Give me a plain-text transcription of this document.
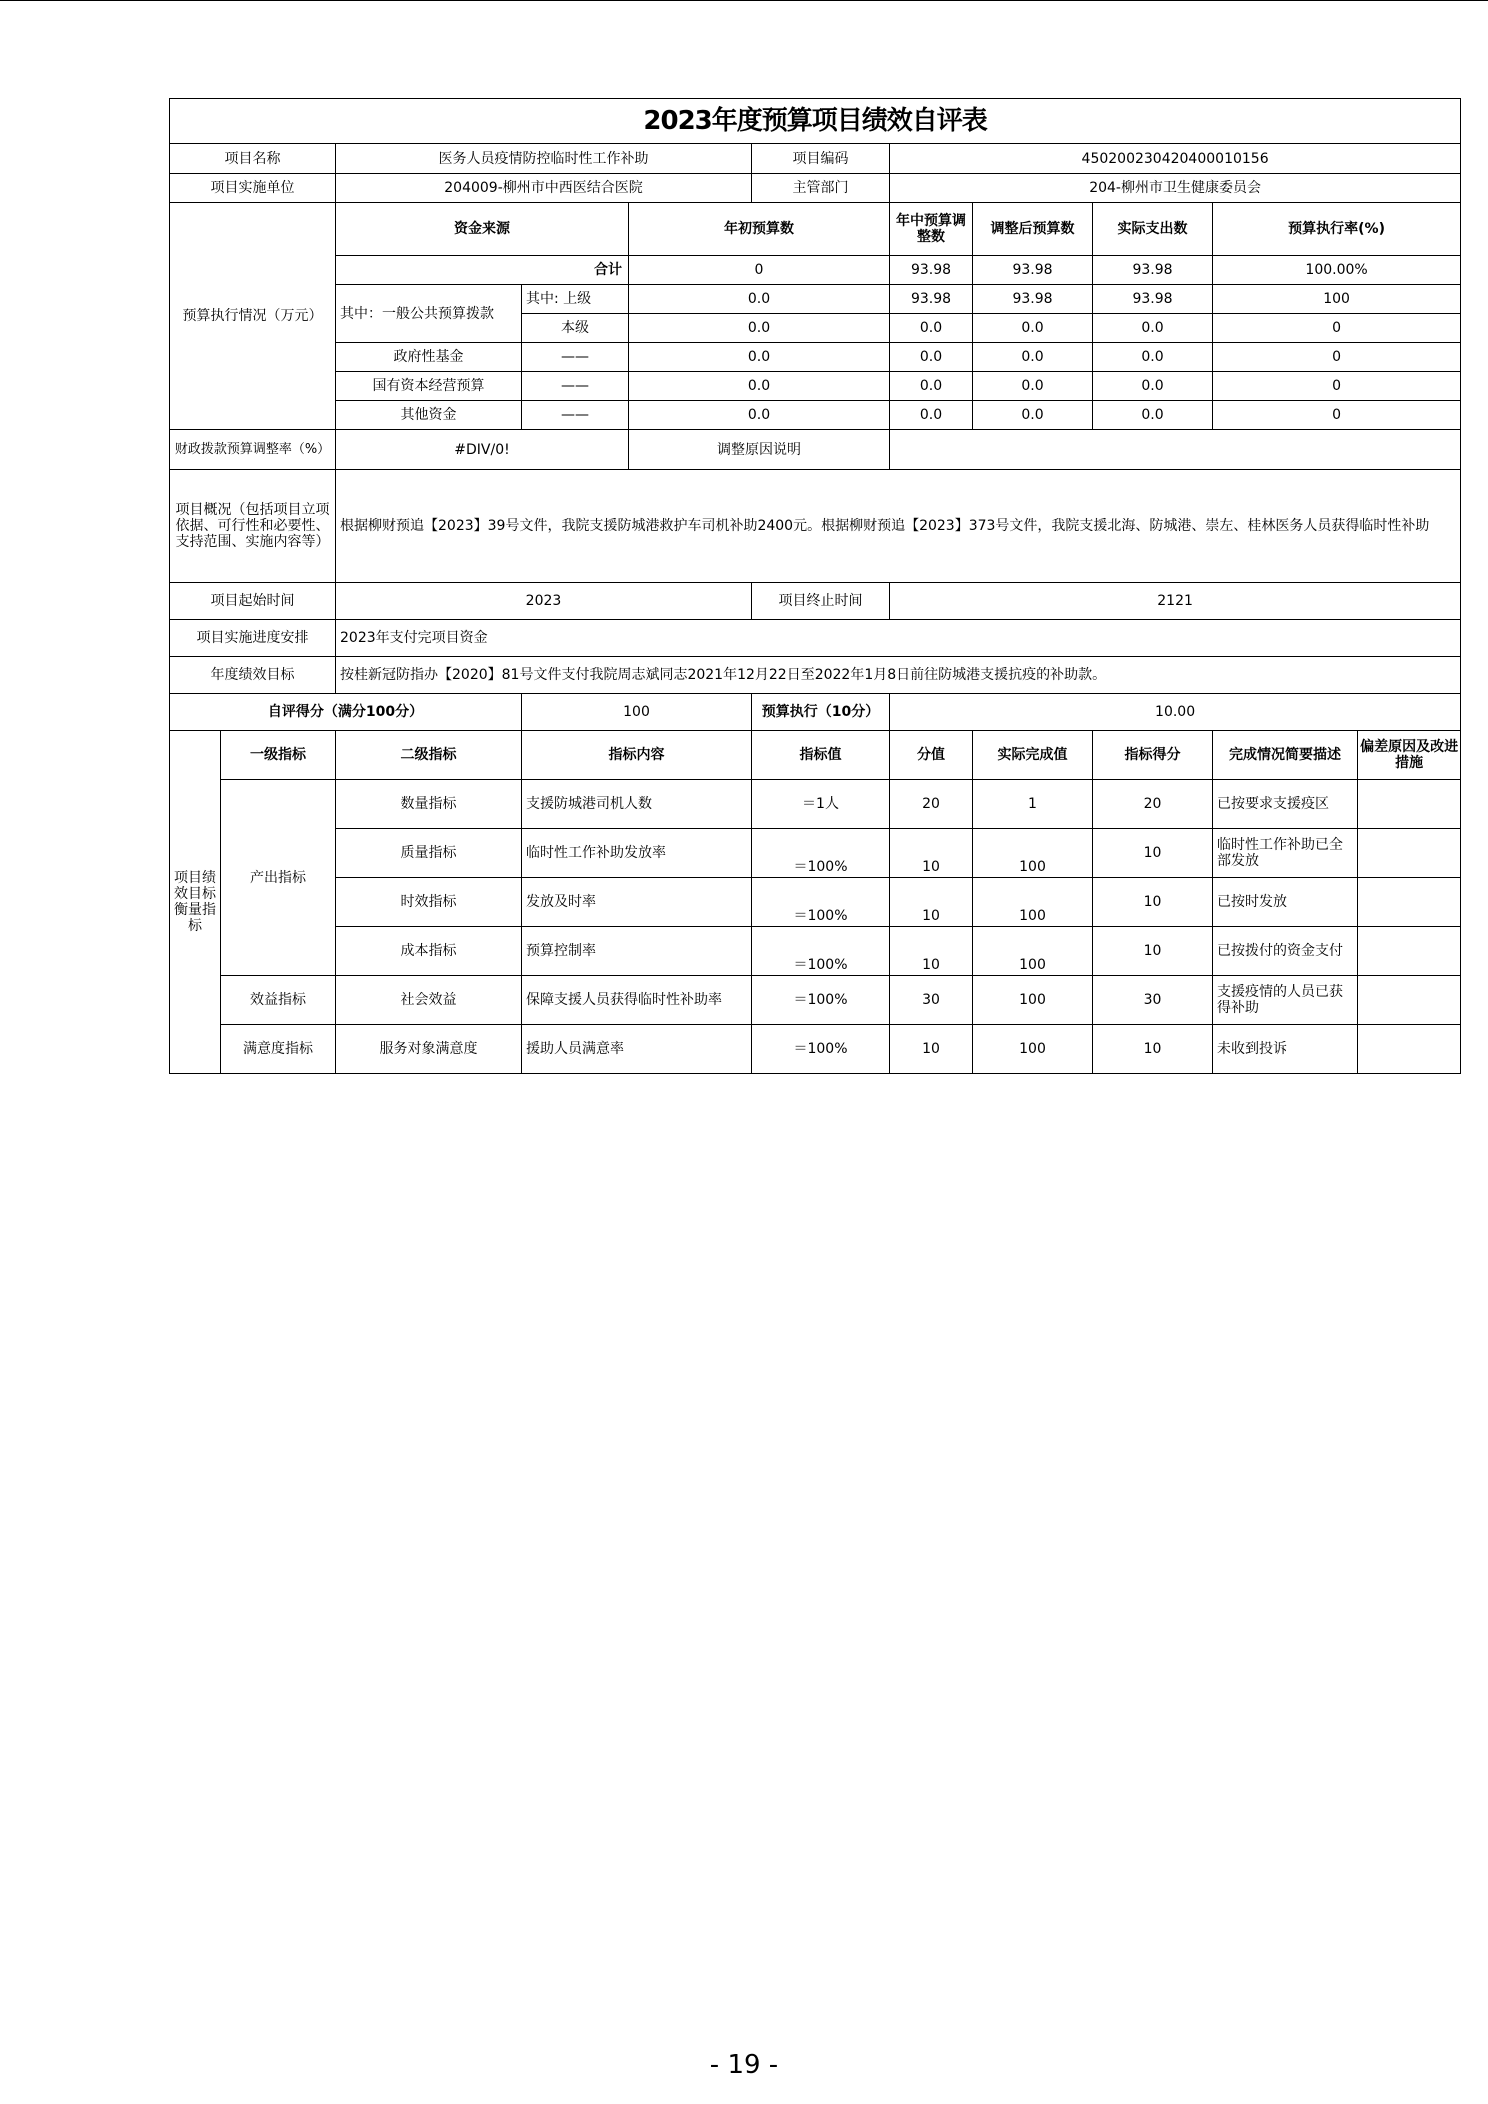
2023年度预算项目绩效自评表										
项目名称		医务人员疫情防控临时性工作补助			项目编码	450200230420400010156				
项目实施单位		204009-柳州市中西医结合医院			主管部门	204-柳州市卫生健康委员会				
预算执行情况（万元）		资金来源		年初预算数		年中预算调整数	调整后预算数	实际支出数	预算执行率(%)	
		合计		0		93.98	93.98	93.98	100.00%	
		其中：一般公共预算拨款	其中: 上级	0.0		93.98	93.98	93.98	100	
			本级	0.0		0.0	0.0	0.0	0	
		政府性基金	——	0.0		0.0	0.0	0.0	0	
		国有资本经营预算	——	0.0		0.0	0.0	0.0	0	
		其他资金	——	0.0		0.0	0.0	0.0	0	
财政拨款预算调整率（%）		#DIV/0!		调整原因说明						
项目概况（包括项目立项依据、可行性和必要性、支持范围、实施内容等）		根据柳财预追【2023】39号文件，我院支援防城港救护车司机补助2400元。根据柳财预追【2023】373号文件，我院支援北海、防城港、崇左、桂林医务人员获得临时性补助								
项目起始时间		2023			项目终止时间	2121				
项目实施进度安排		2023年支付完项目资金								
年度绩效目标		按桂新冠防指办【2020】81号文件支付我院周志斌同志2021年12月22日至2022年1月8日前往防城港支援抗疫的补助款。								
自评得分（满分100分）			100		预算执行（10分）	10.00				
项目绩效目标衡量指标	一级指标	二级指标	指标内容		指标值	分值	实际完成值	指标得分	完成情况简要描述	偏差原因及改进措施
	产出指标	数量指标	支援防城港司机人数		＝1人	20	1	20	已按要求支援疫区	
		质量指标	临时性工作补助发放率		＝100%	10	100	10	临时性工作补助已全部发放	
		时效指标	发放及时率		＝100%	10	100	10	已按时发放	
		成本指标	预算控制率		＝100%	10	100	10	已按拨付的资金支付	
	效益指标	社会效益	保障支援人员获得临时性补助率		＝100%	30	100	30	支援疫情的人员已获得补助	
	满意度指标	服务对象满意度	援助人员满意率		＝100%	10	100	10	未收到投诉	
- 19 -
